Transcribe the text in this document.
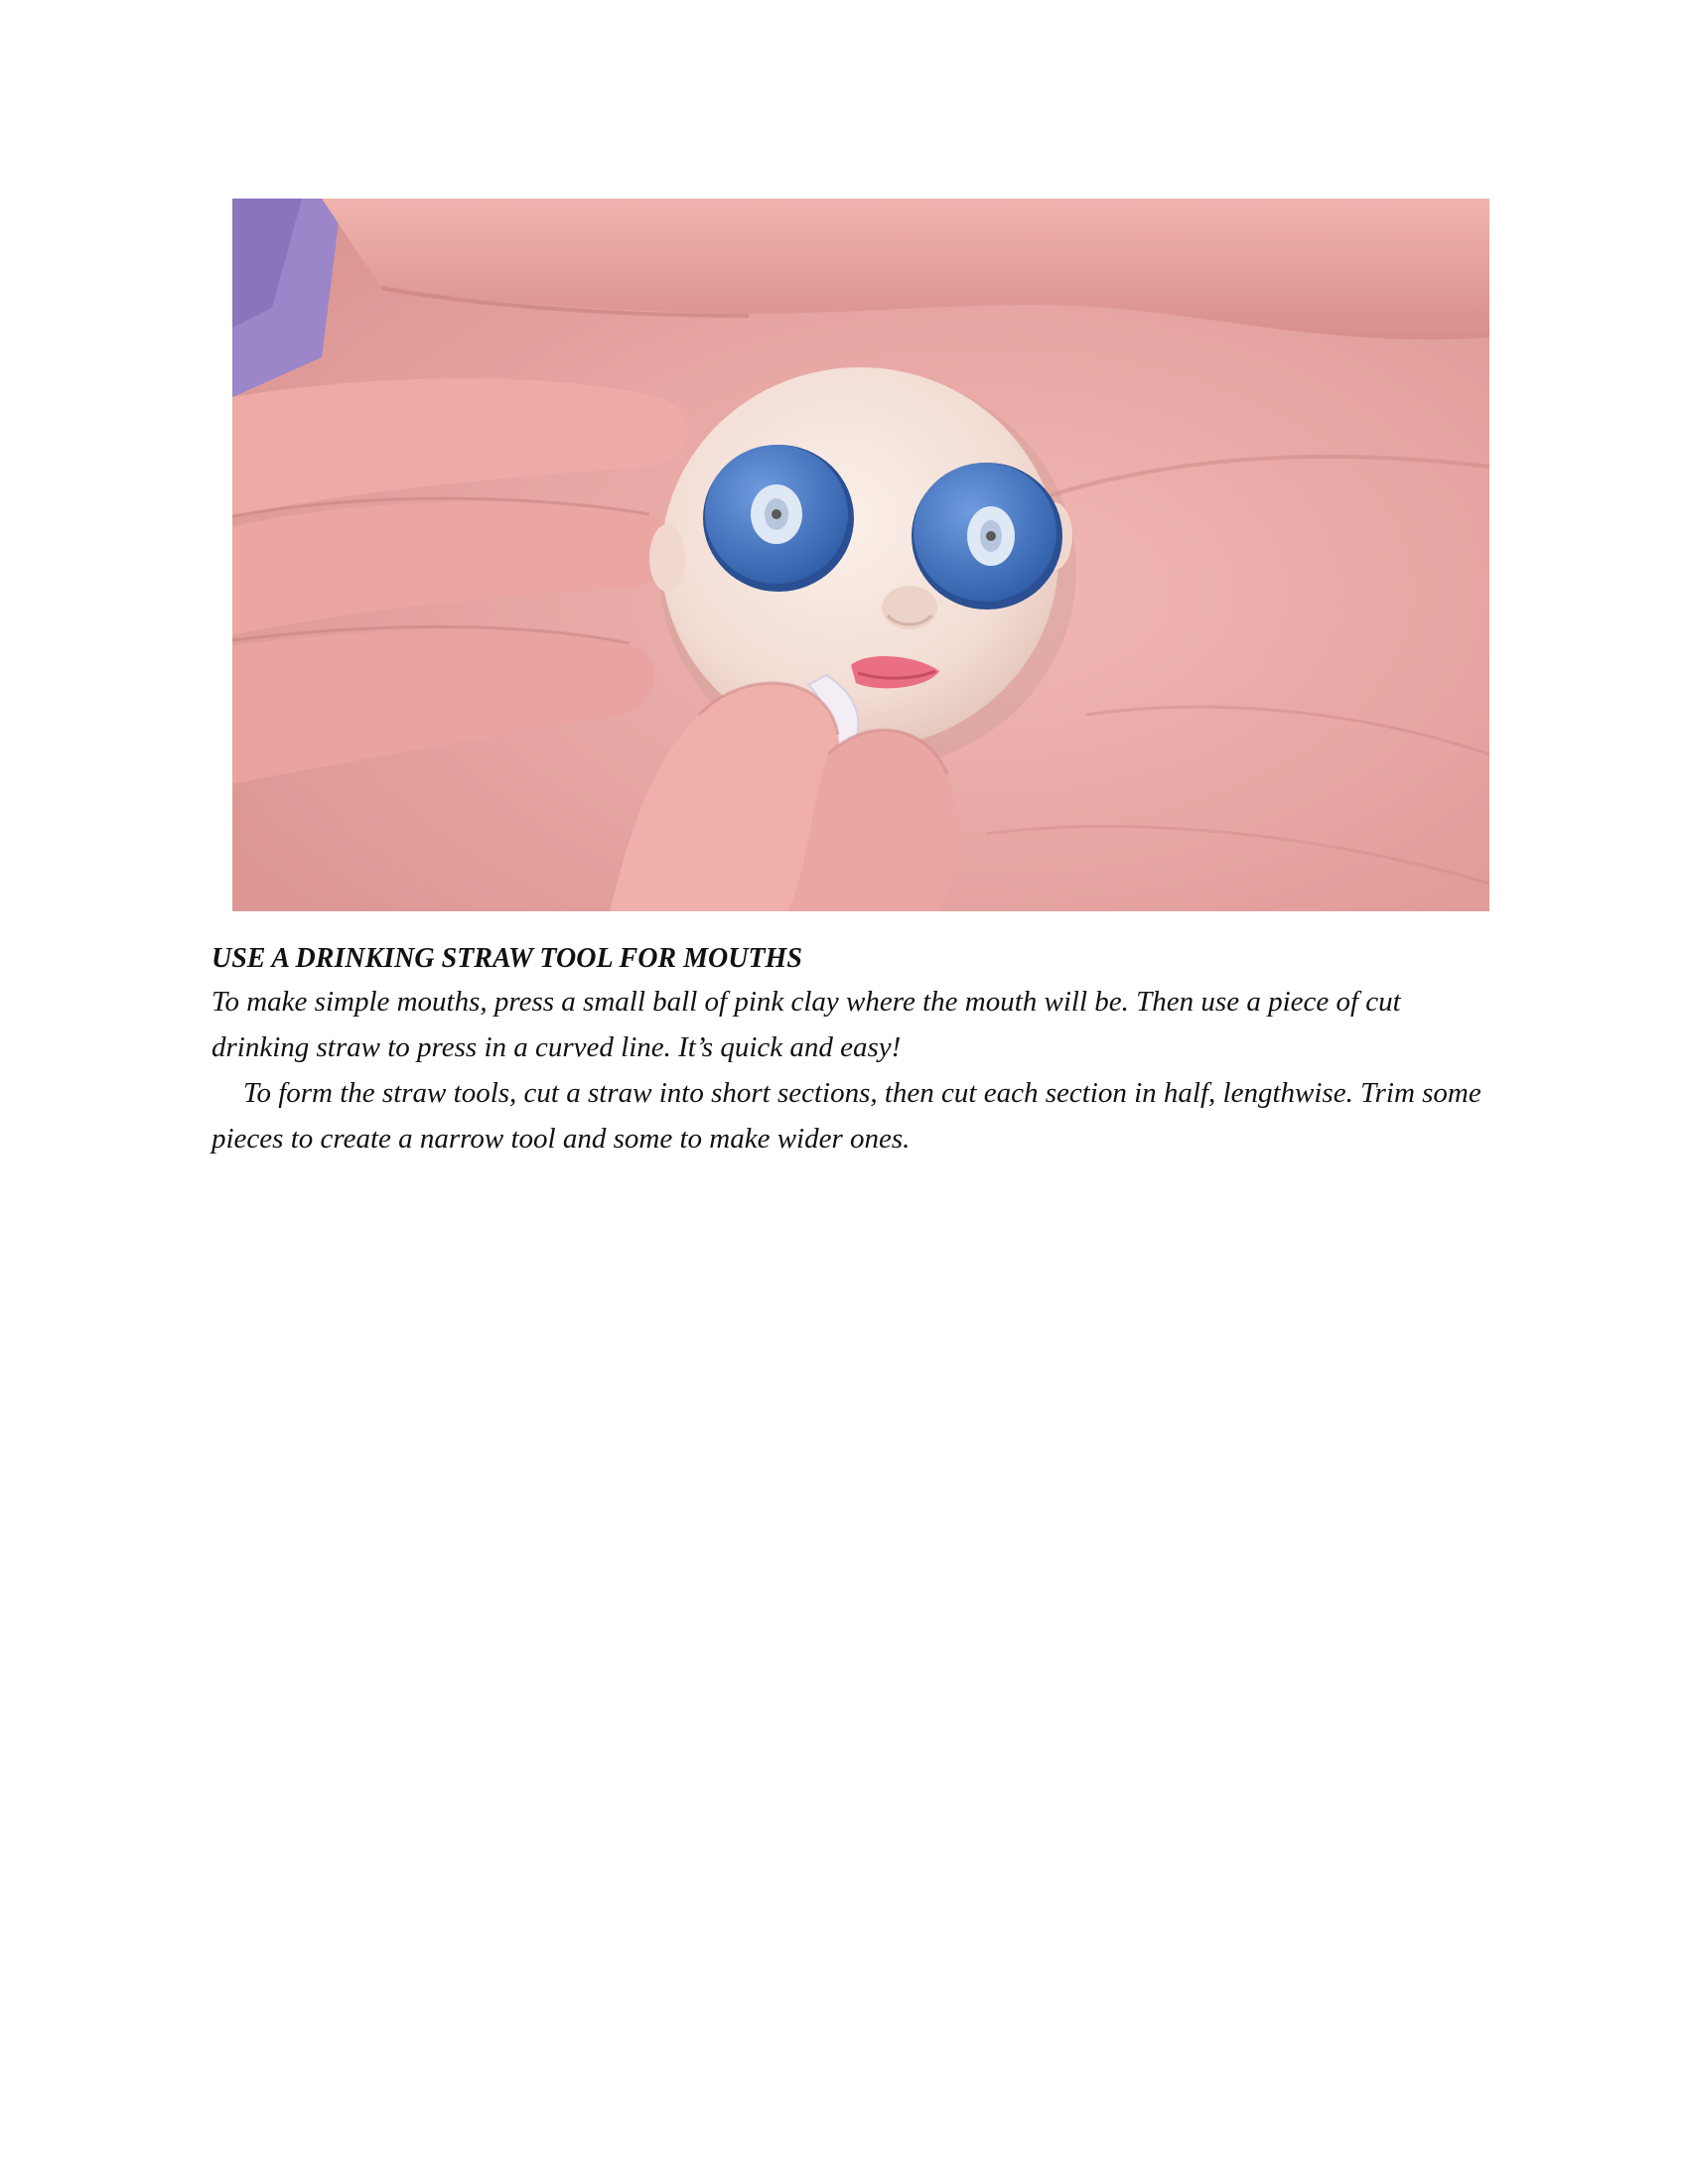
USE A DRINKING STRAW TOOL FOR MOUTHS

To make simple mouths, press a small ball of pink clay where the mouth will be. Then use a piece of cut drinking straw to press in a curved line. It’s quick and easy!

To form the straw tools, cut a straw into short sections, then cut each section in half, lengthwise. Trim some pieces to create a narrow tool and some to make wider ones.
